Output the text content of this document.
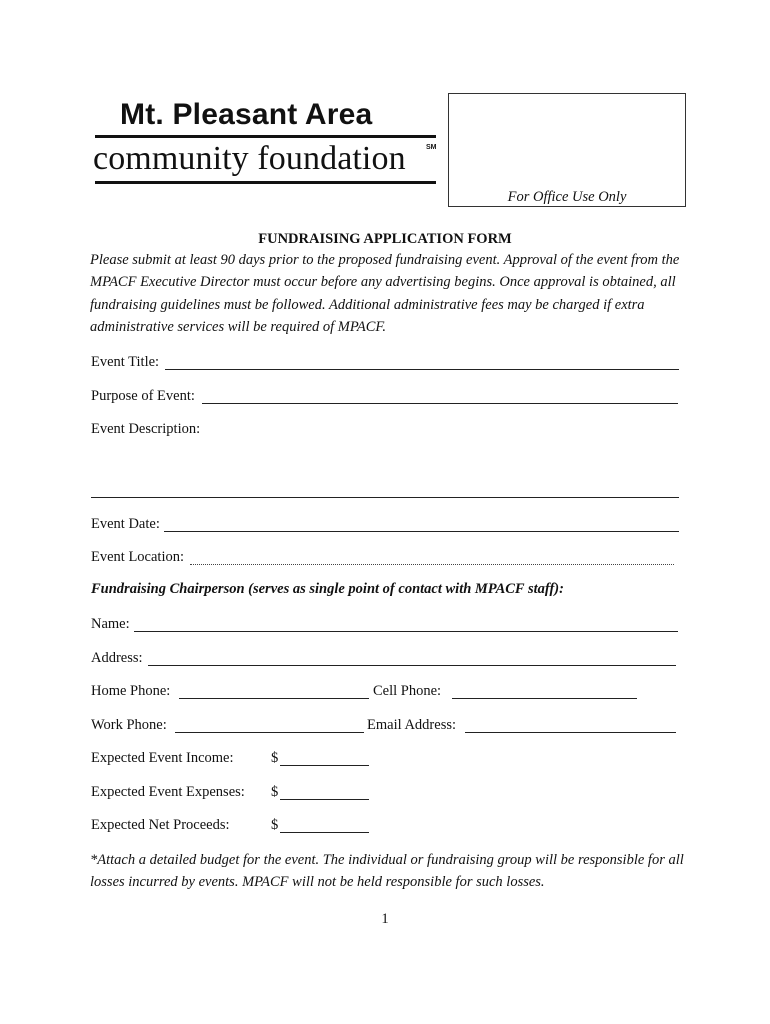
Mt. Pleasant Area
community foundation	SM
For Office Use Only
FUNDRAISING APPLICATION FORM
Please submit at least 90 days prior to the proposed fundraising event. Approval of the event from the MPACF Executive Director must occur before any advertising begins. Once approval is obtained, all fundraising guidelines must be followed. Additional administrative fees may be charged if extra administrative services will be required of MPACF.
Event Title:
Purpose of Event:
Event Description:
Event Date:
Event Location:
Fundraising Chairperson (serves as single point of contact with MPACF staff):
Name:
Address:
Home Phone:	Cell Phone:
Work Phone:	Email Address:
Expected Event Income:	$
Expected Event Expenses: $
Expected Net Proceeds:	$
*Attach a detailed budget for the event. The individual or fundraising group will be responsible for all losses incurred by events. MPACF will not be held responsible for such losses.
1
